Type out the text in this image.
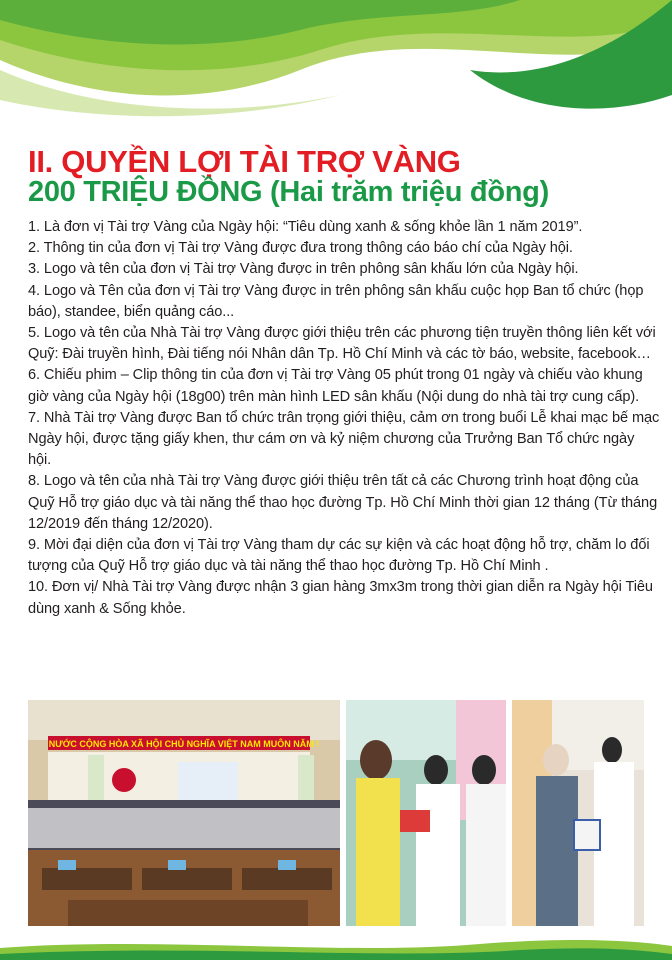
II. QUYỀN LỢI TÀI TRỢ VÀNG
200 TRIỆU ĐỒNG (Hai trăm triệu đồng)

1. Là đơn vị Tài trợ Vàng của Ngày hội: “Tiêu dùng xanh & sống khỏe lần 1 năm 2019”.

2. Thông tin của đơn vị Tài trợ Vàng được đưa trong thông cáo báo chí của Ngày hội.

3. Logo và tên của đơn vị Tài trợ Vàng được in trên phông sân khấu lớn của Ngày hội.

4. Logo và Tên của đơn vị Tài trợ Vàng được in trên phông sân khấu cuộc họp Ban tổ chức (họp báo), standee, biển quảng cáo...

5. Logo và tên của Nhà Tài trợ Vàng được giới thiệu trên các phương tiện truyền thông liên kết với Quỹ: Đài truyền hình, Đài tiếng nói Nhân dân Tp. Hồ Chí Minh và các tờ báo, website, facebook…

6. Chiếu phim – Clip thông tin của đơn vị Tài trợ Vàng 05 phút trong 01 ngày và chiếu vào khung giờ vàng của Ngày hội (18g00) trên màn hình LED sân khấu (Nội dung do nhà tài trợ cung cấp).

7. Nhà Tài trợ Vàng được Ban tổ chức trân trọng giới thiệu, cảm ơn trong buổi Lễ khai mạc bế mạc Ngày hội, được tặng giấy khen, thư cám ơn và kỷ niệm chương của Trưởng Ban Tổ chức ngày hội.

8. Logo và tên của nhà Tài trợ Vàng được giới thiệu trên tất cả các Chương trình hoạt động của Quỹ Hỗ trợ giáo dục và tài năng thể thao học đường Tp. Hồ Chí Minh thời gian 12 tháng (Từ tháng 12/2019 đến tháng 12/2020).

9. Mời đại diện của đơn vị Tài trợ Vàng tham dự các sự kiện và các hoạt động hỗ trợ, chăm lo đối tượng của Quỹ Hỗ trợ giáo dục và tài năng thể thao học đường Tp. Hồ Chí Minh .

10. Đơn vị/ Nhà Tài trợ Vàng được nhận 3 gian hàng 3mx3m trong thời gian diễn ra Ngày hội Tiêu dùng xanh & Sống khỏe.

NƯỚC CỘNG HÒA XÃ HỘI CHỦ NGHĨA VIỆT NAM MUÔN NĂM !
